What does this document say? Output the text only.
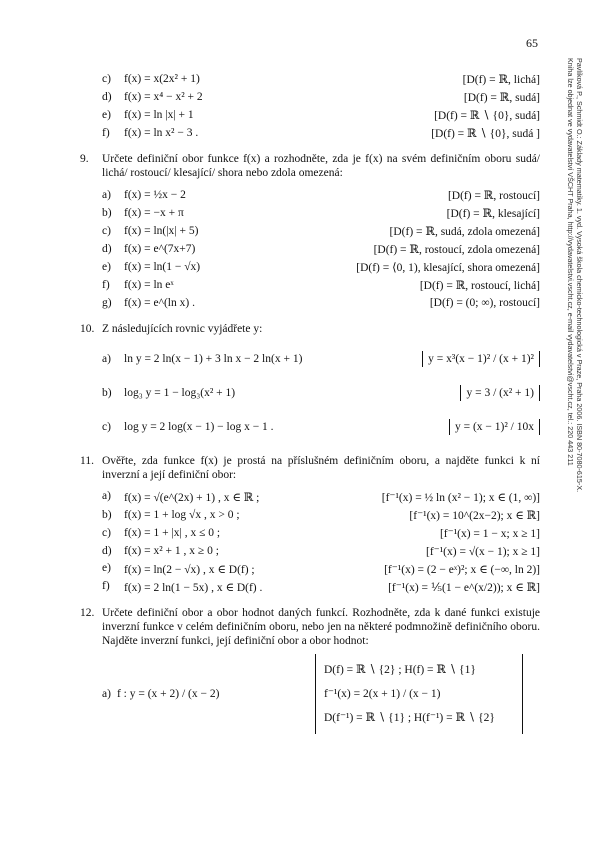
65
Pavlíková P., Schmidt O.: Základy matematiky. 1. vyd. Vysoká škola chemicko-technologická v Praze, Praha 2006. ISBN 80-7080-615-X.
Kniha lze objednat ve vydavatelství VŠCHT Praha, http://vydavatelstvi.vscht.cz, e-mail vydavatelstvi@vscht.cz, tel.: 220 443 211
c)	f(x) = x(2x² + 1)	[D(f) = ℝ, lichá]
d)	f(x) = x⁴ − x² + 2	[D(f) = ℝ, sudá]
e)	f(x) = ln |x| + 1	[D(f) = ℝ ∖ {0}, sudá]
f)	f(x) = ln x² − 3 .	[D(f) = ℝ ∖ {0}, sudá ]
9.	Určete definiční obor funkce f(x) a rozhodněte, zda je f(x) na svém definičním oboru sudá/ lichá/ rostoucí/ klesající/ shora nebo zdola omezená:
a)	f(x) = ½x − 2	[D(f) = ℝ, rostoucí]
b)	f(x) = −x + π	[D(f) = ℝ, klesající]
c)	f(x) = ln(|x| + 5)	[D(f) = ℝ, sudá, zdola omezená]
d)	f(x) = e^(7x+7)	[D(f) = ℝ, rostoucí, zdola omezená]
e)	f(x) = ln(1 − √x)	[D(f) = ⟨0, 1), klesající, shora omezená]
f)	f(x) = ln eˣ	[D(f) = ℝ, rostoucí, lichá]
g)	f(x) = e^(ln x) .	[D(f) = (0; ∞), rostoucí]
10. Z následujících rovnic vyjádřete y:
a)	ln y = 2 ln(x − 1) + 3 ln x − 2 ln(x + 1)	y = x³(x − 1)² / (x + 1)²
b)	log₃ y = 1 − log₃(x² + 1)	y = 3 / (x² + 1)
c)	log y = 2 log(x − 1) − log x − 1 .	y = (x − 1)² / 10x
11. Ověřte, zda funkce f(x) je prostá na příslušném definičním oboru, a najděte funkci k ní inverzní a její definiční obor:
a)	f(x) = √(e^(2x) + 1) , x ∈ ℝ ;	[f⁻¹(x) = ½ ln (x² − 1); x ∈ (1, ∞)]
b)	f(x) = 1 + log √x , x > 0 ;	[f⁻¹(x) = 10^(2x−2); x ∈ ℝ]
c)	f(x) = 1 + |x| , x ≤ 0 ;	[f⁻¹(x) = 1 − x; x ≥ 1]
d)	f(x) = x² + 1 , x ≥ 0 ;	[f⁻¹(x) = √(x − 1); x ≥ 1]
e)	f(x) = ln(2 − √x) , x ∈ D(f) ;	[f⁻¹(x) = (2 − eˣ)²; x ∈ (−∞, ln 2)]
f)	f(x) = 2 ln(1 − 5x) , x ∈ D(f) .	[f⁻¹(x) = ⅕(1 − e^(x/2)); x ∈ ℝ]
12. Určete definiční obor a obor hodnot daných funkcí. Rozhodněte, zda k dané funkci existuje inverzní funkce v celém definičním oboru, nebo jen na některé podmnožině definičního oboru. Najděte inverzní funkci, její definiční obor a obor hodnot:
a) f : y = (x + 2) / (x − 2)
D(f) = ℝ ∖ {2} ; H(f) = ℝ ∖ {1}
f⁻¹(x) = 2(x + 1) / (x − 1)
D(f⁻¹) = ℝ ∖ {1} ; H(f⁻¹) = ℝ ∖ {2}
